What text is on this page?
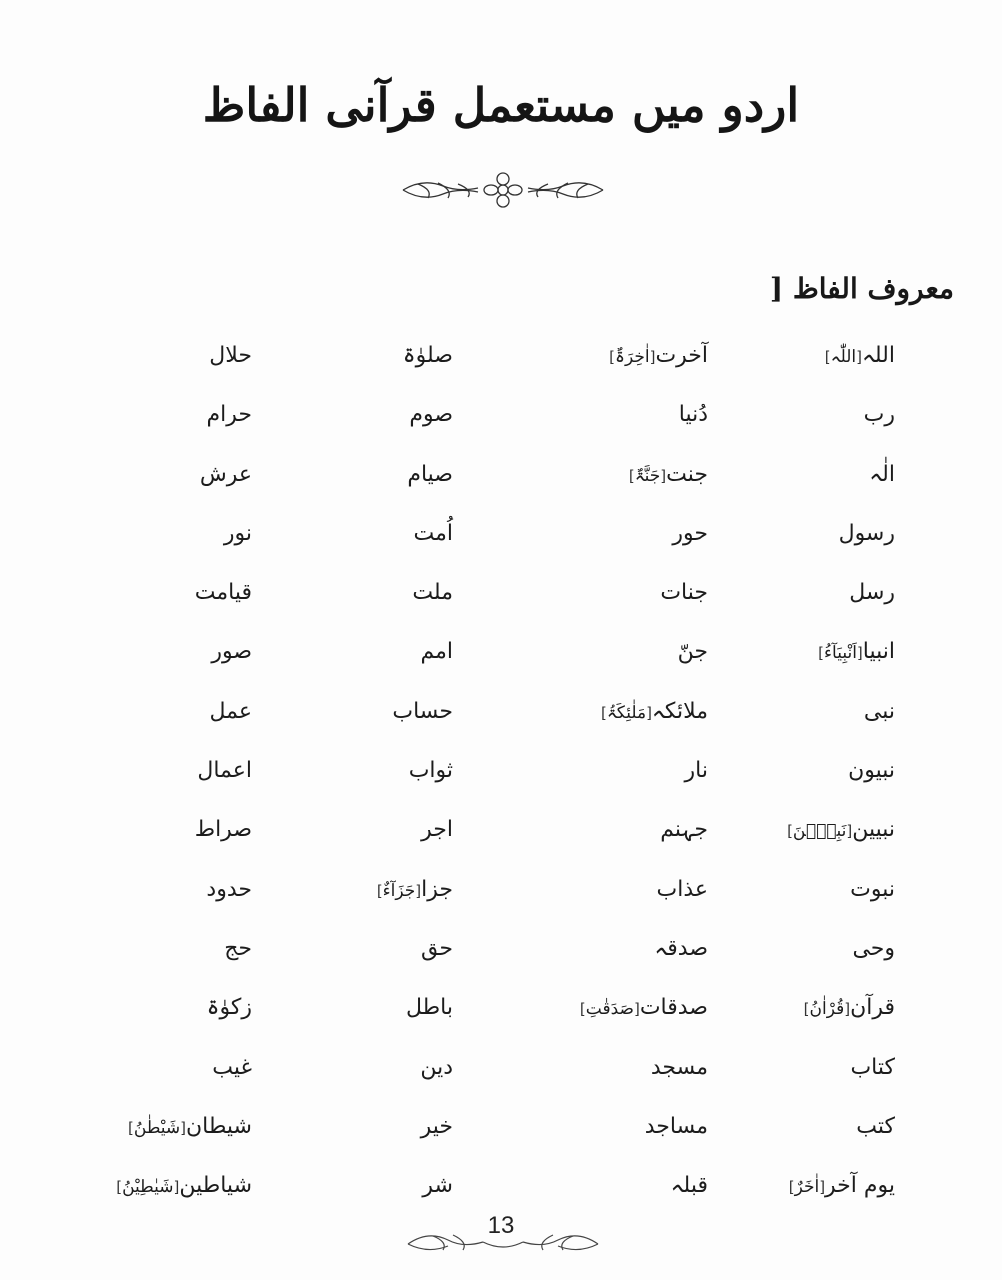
اردو میں مستعمل قرآنی الفاظ
معروف الفاظ [
اللہ[اللّٰہ]
آخرت[اٰخِرَۃٌ]
صلوٰۃ
حلال
رب
دُنیا
صوم
حرام
الٰہ
جنت[جَنَّۃٌ]
صیام
عرش
رسول
حور
اُمت
نور
رسل
جنات
ملت
قیامت
انبیا[اَنْبِیَآءُ]
جنّ
امم
صور
نبی
ملائکہ[مَلٰئِکَۃُ]
حساب
عمل
نبیون
نار
ثواب
اعمال
نبیین[نَبِیّٖنَ]
جہنم
اجر
صراط
نبوت
عذاب
جزا[جَزَآءٌ]
حدود
وحی
صدقہ
حق
حج
قرآن[قُرْاٰنُ]
صدقات[صَدَقٰتِ]
باطل
زکوٰۃ
کتاب
مسجد
دین
غیب
کتب
مساجد
خیر
شیطان[شَیْطٰنُ]
یوم آخر[اٰخَرٌ]
قبلہ
شر
شیاطین[شَیٰطِیْنُ]
13
